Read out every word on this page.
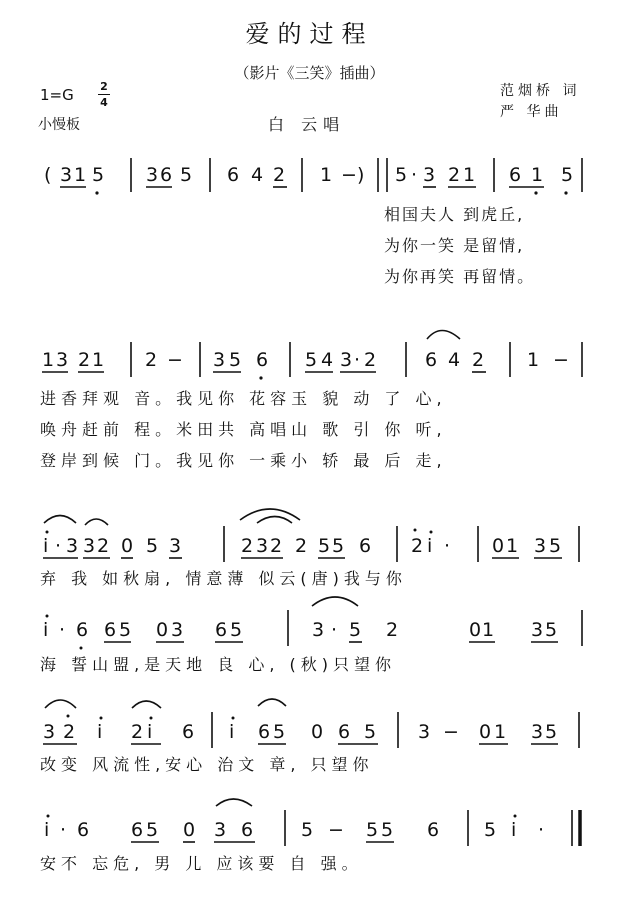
爱的过程
（影片《三笑》插曲）
1=G 2
4
小慢板	白 云唱
范烟桥 词
严 华曲
( 3 1 5 3 6 5 6 4 2 1 − ) 5 · 3 2 1 6 1 5
1 3 2 1 2 − 3 5 6 5 4 3 · 2	6 4 2 1 −
i · 3 3 2 0 5 3	2 3 2 2 5 5 6 2 i · 0 1 3 5
i · 6 6 5 0 3 6 5	3 · 5 2	0 1 3 5
3 2 i 2 i 6 i 6 5 0 6 5 3 − 0 1 3 5
i · 6 6 5 0 3 6	5 − 5 5 6 5 i ·
相国夫人 到虎丘,
为你一笑 是留情,
为你再笑 再留情。
进香拜观 音。我见你 花容玉 貌 动 了 心,
唤舟赶前 程。米田共 高唱山 歌 引 你 听,
登岸到候 门。我见你 一乘小 轿 最 后 走,
弃 我 如秋扇, 情意薄 似云(唐)我与你
海 誓山盟,是天地 良 心, (秋)只望你
改变 风流性,安心 治文 章, 只望你
安不 忘危, 男 儿 应该要 自 强。
